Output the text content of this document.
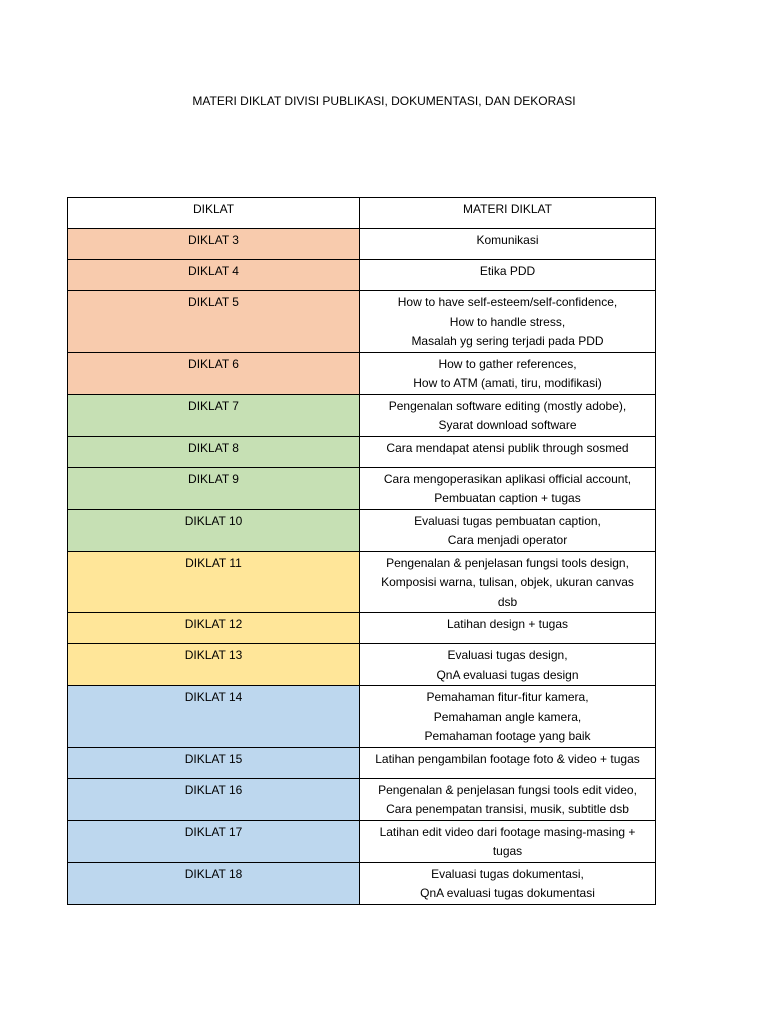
MATERI DIKLAT DIVISI PUBLIKASI, DOKUMENTASI, DAN DEKORASI
DIKLAT	MATERI DIKLAT
DIKLAT 3	Komunikasi
DIKLAT 4	Etika PDD
DIKLAT 5	How to have self-esteem/self-confidence,
How to handle stress,
Masalah yg sering terjadi pada PDD
DIKLAT 6	How to gather references,
How to ATM (amati, tiru, modifikasi)
DIKLAT 7	Pengenalan software editing (mostly adobe),
Syarat download software
DIKLAT 8	Cara mendapat atensi publik through sosmed
DIKLAT 9	Cara mengoperasikan aplikasi official account,
Pembuatan caption + tugas
DIKLAT 10	Evaluasi tugas pembuatan caption,
Cara menjadi operator
DIKLAT 11	Pengenalan & penjelasan fungsi tools design,
Komposisi warna, tulisan, objek, ukuran canvas
dsb
DIKLAT 12	Latihan design + tugas
DIKLAT 13	Evaluasi tugas design,
QnA evaluasi tugas design
DIKLAT 14	Pemahaman fitur-fitur kamera,
Pemahaman angle kamera,
Pemahaman footage yang baik
DIKLAT 15	Latihan pengambilan footage foto & video + tugas
DIKLAT 16	Pengenalan & penjelasan fungsi tools edit video,
Cara penempatan transisi, musik, subtitle dsb
DIKLAT 17	Latihan edit video dari footage masing-masing +
tugas
DIKLAT 18	Evaluasi tugas dokumentasi,
QnA evaluasi tugas dokumentasi
